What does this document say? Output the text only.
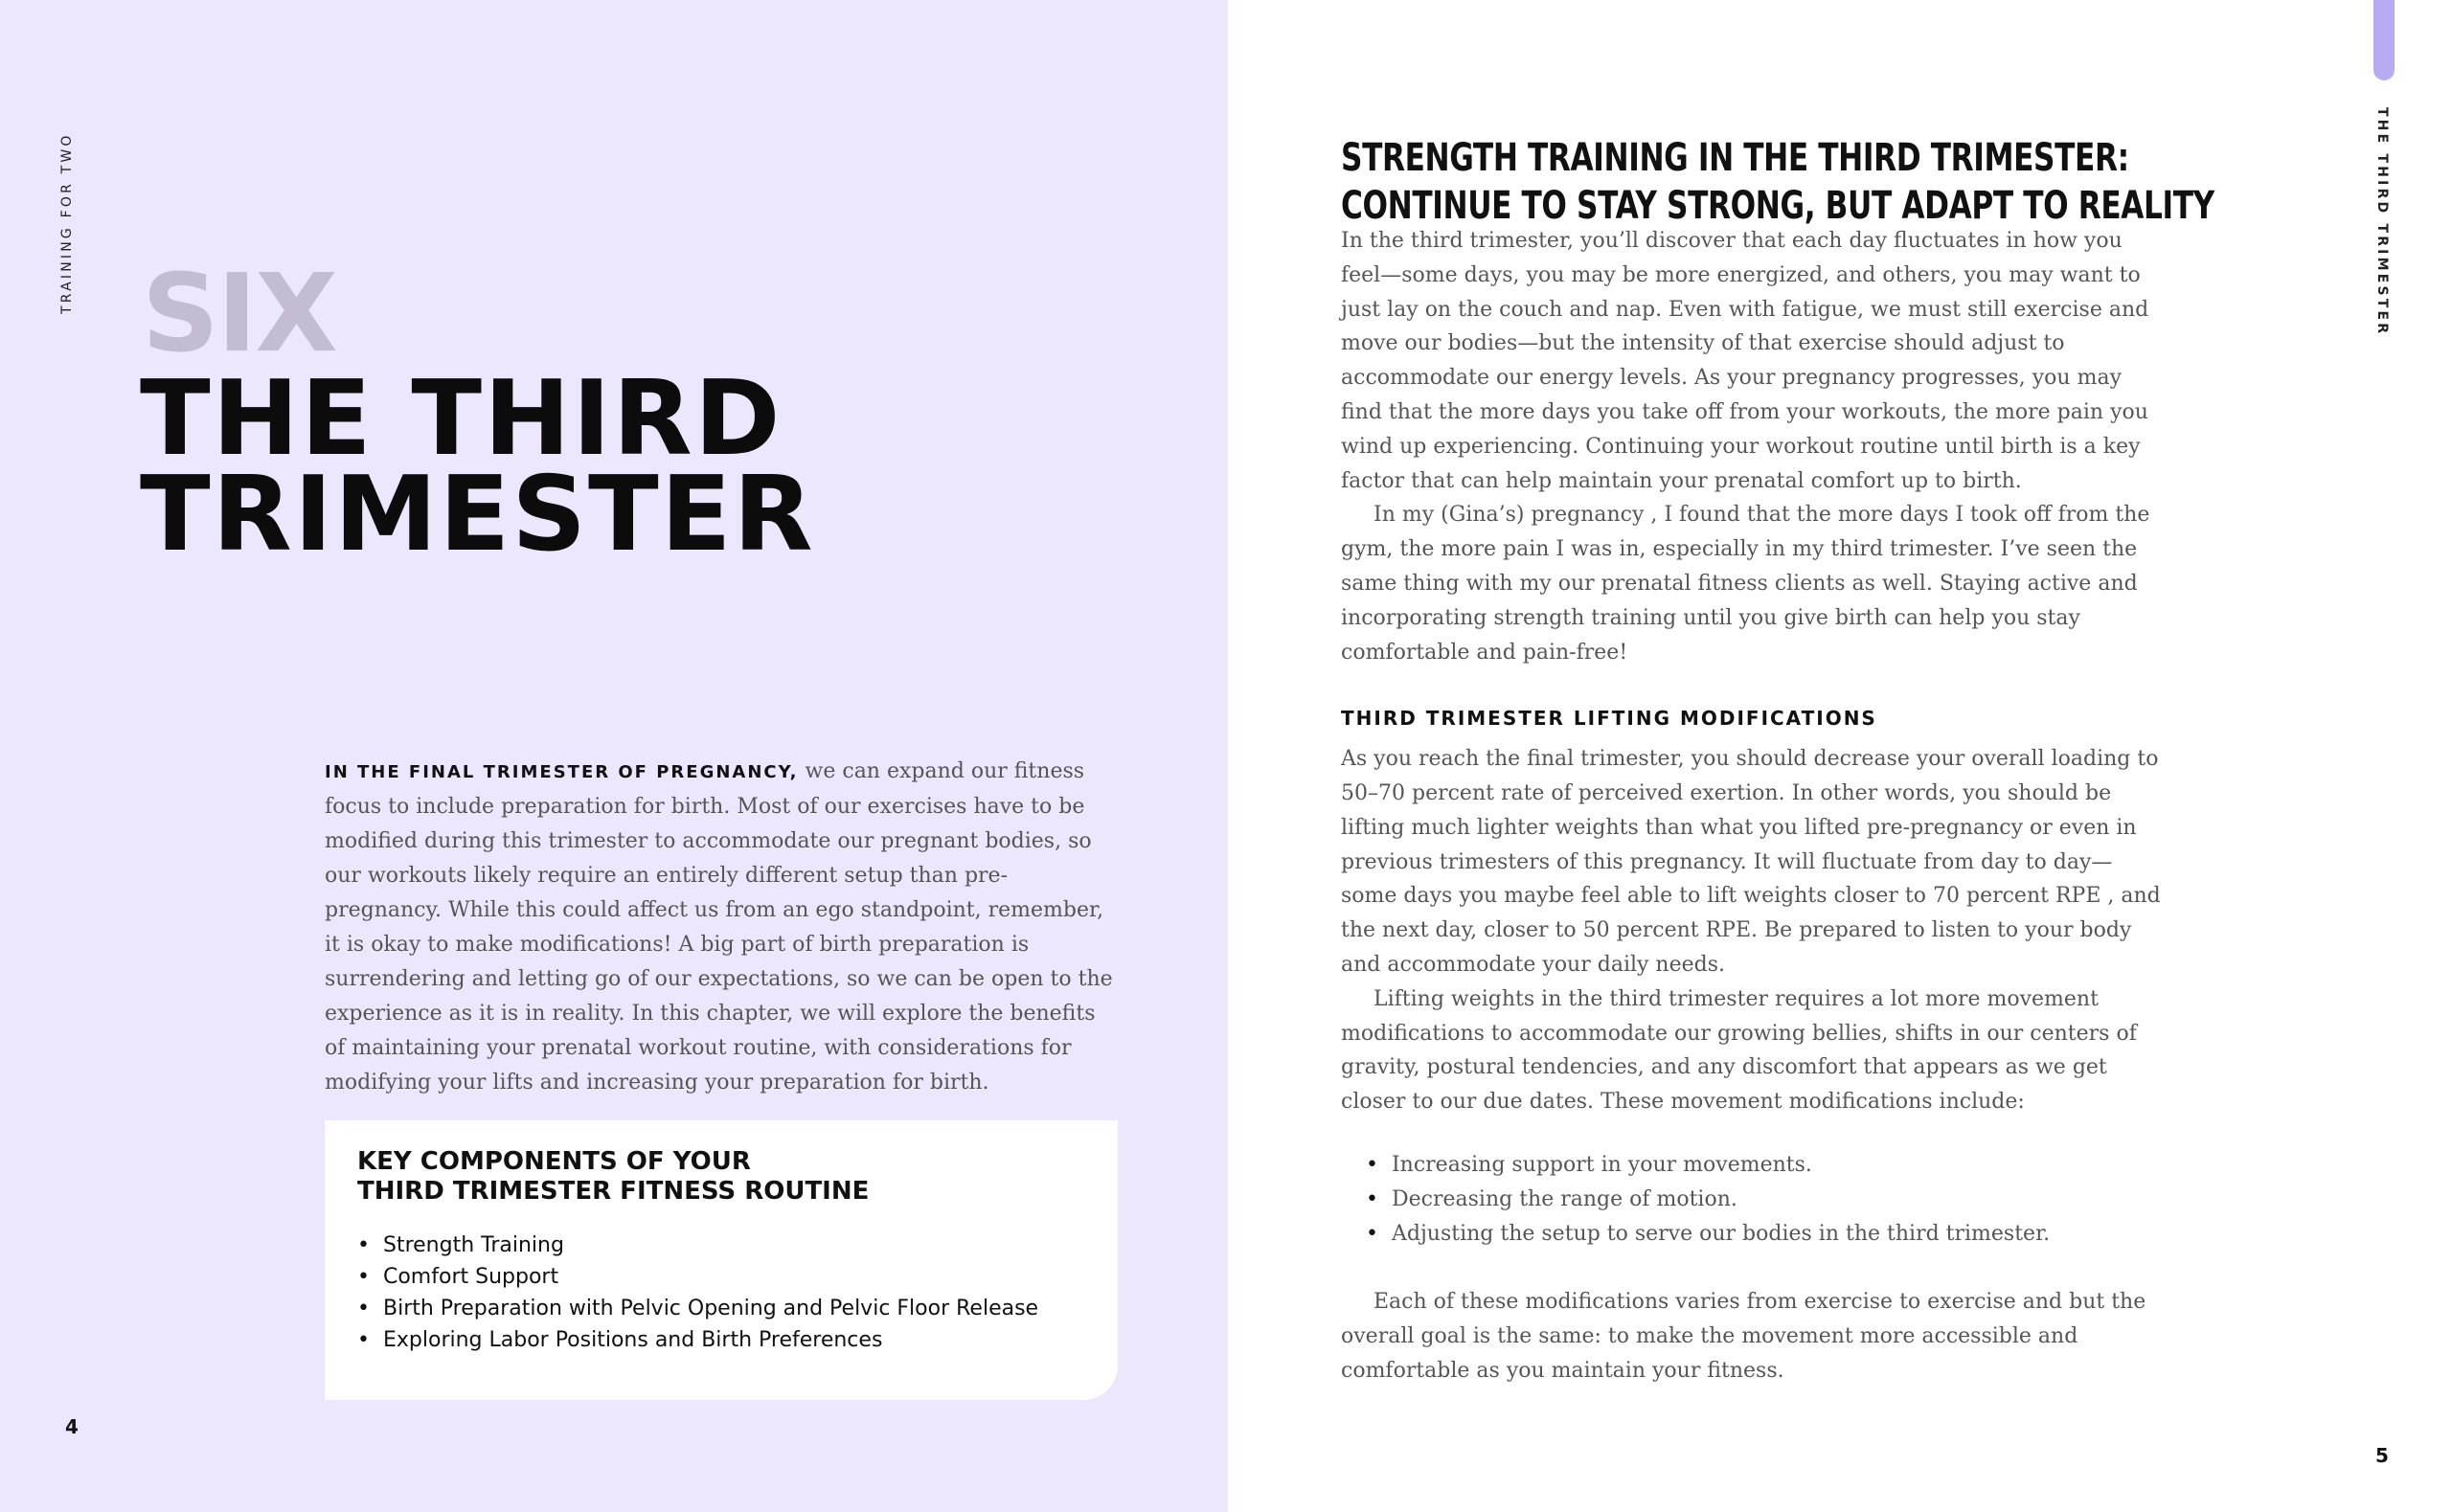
TRAINING FOR TWO	THE THIRD TRIMESTER
SIX
THE THIRD
TRIMESTER
IN THE FINAL TRIMESTER OF PREGNANCY, we can expand our fitness focus to include preparation for birth. Most of our exercises have to be modified during this trimester to accommodate our pregnant bodies, so our workouts likely require an entirely different setup than pre-pregnancy. While this could affect us from an ego standpoint, remember, it is okay to make modifications! A big part of birth preparation is surrendering and letting go of our expectations, so we can be open to the experience as it is in reality. In this chapter, we will explore the benefits of maintaining your prenatal workout routine, with considerations for modifying your lifts and increasing your preparation for birth.
KEY COMPONENTS OF YOUR
THIRD TRIMESTER FITNESS ROUTINE
• Strength Training
• Comfort Support
• Birth Preparation with Pelvic Opening and Pelvic Floor Release
• Exploring Labor Positions and Birth Preferences
4
5
STRENGTH TRAINING IN THE THIRD TRIMESTER:
CONTINUE TO STAY STRONG, BUT ADAPT TO REALITY

In the third trimester, you’ll discover that each day fluctuates in how you feel—some days, you may be more energized, and others, you may want to just lay on the couch and nap. Even with fatigue, we must still exercise and move our bodies—but the intensity of that exercise should adjust to accommodate our energy levels. As your pregnancy progresses, you may find that the more days you take off from your workouts, the more pain you wind up experiencing. Continuing your workout routine until birth is a key factor that can help maintain your prenatal comfort up to birth.

In my (Gina’s) pregnancy , I found that the more days I took off from the gym, the more pain I was in, especially in my third trimester. I’ve seen the same thing with my our prenatal fitness clients as well. Staying active and incorporating strength training until you give birth can help you stay comfortable and pain-free!

THIRD TRIMESTER LIFTING MODIFICATIONS

As you reach the final trimester, you should decrease your overall loading to 50–70 percent rate of perceived exertion. In other words, you should be lifting much lighter weights than what you lifted pre-pregnancy or even in previous trimesters of this pregnancy. It will fluctuate from day to day—some days you maybe feel able to lift weights closer to 70 percent RPE , and the next day, closer to 50 percent RPE. Be prepared to listen to your body and accommodate your daily needs.

Lifting weights in the third trimester requires a lot more movement modifications to accommodate our growing bellies, shifts in our centers of gravity, postural tendencies, and any discomfort that appears as we get closer to our due dates. These movement modifications include:

• Increasing support in your movements.
• Decreasing the range of motion.
• Adjusting the setup to serve our bodies in the third trimester.

Each of these modifications varies from exercise to exercise and but the overall goal is the same: to make the movement more accessible and comfortable as you maintain your fitness.
